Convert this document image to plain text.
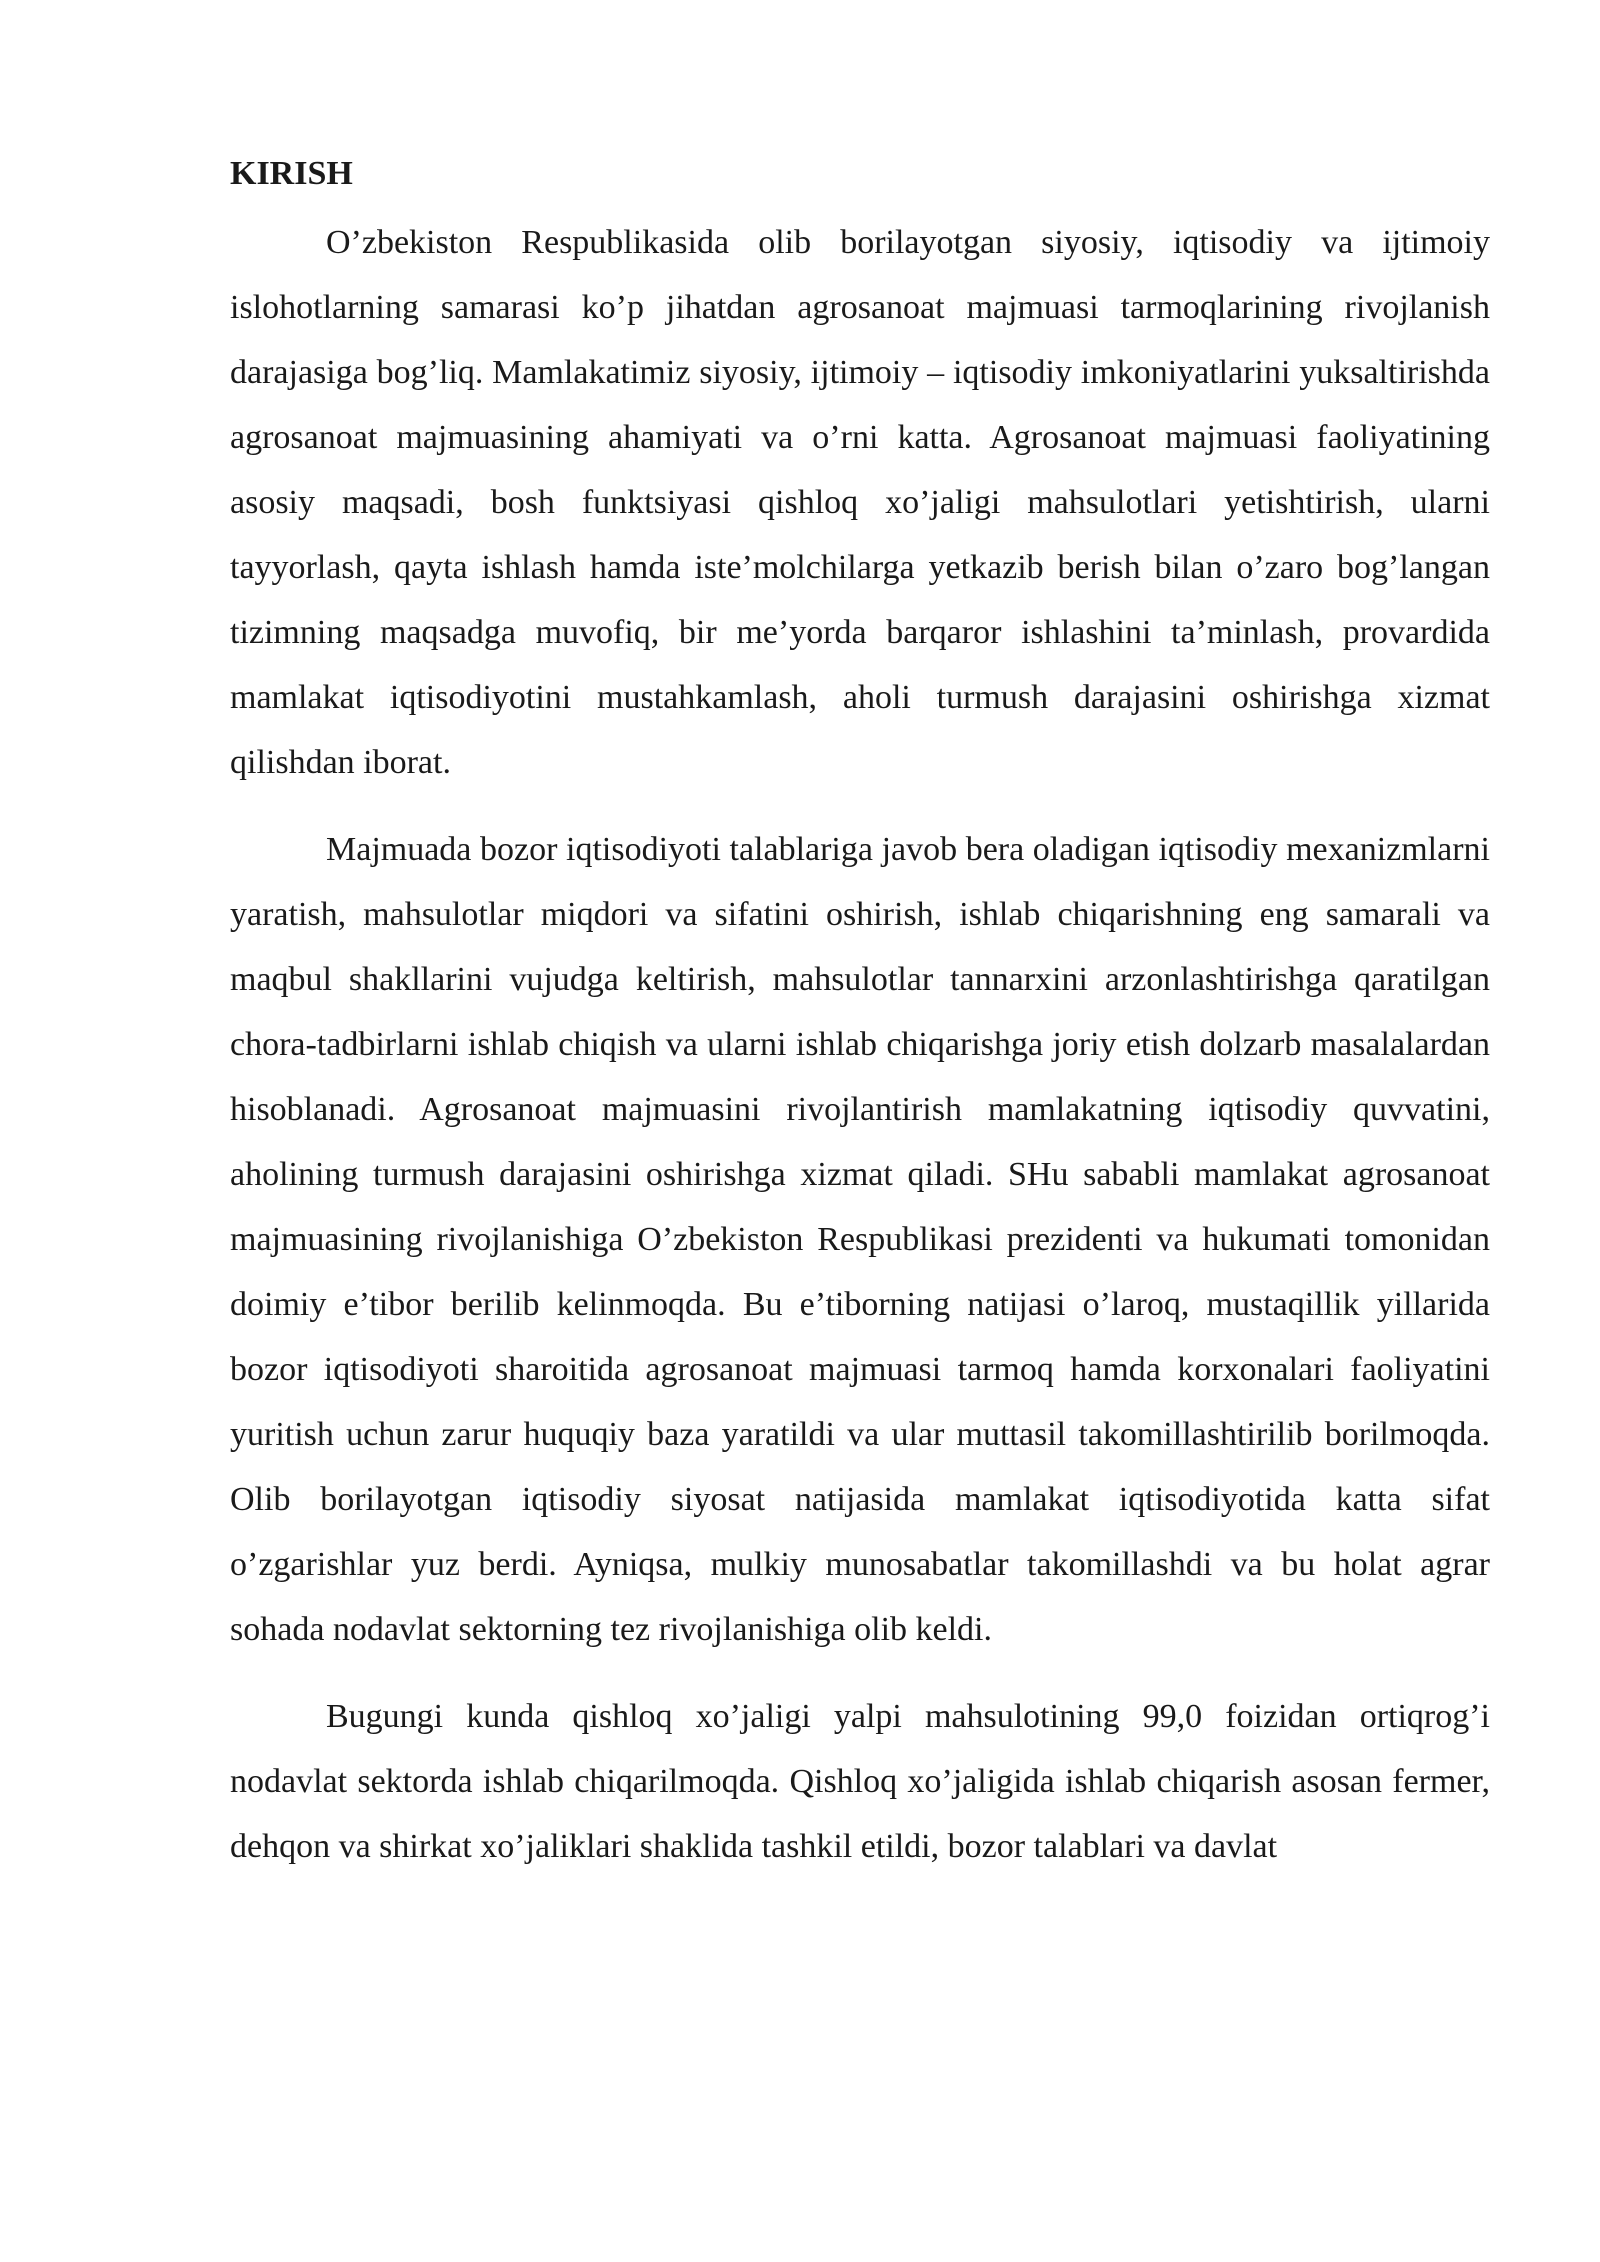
KIRISH

O’zbekiston Respublikasida olib borilayotgan siyosiy, iqtisodiy va ijtimoiy islohotlarning samarasi ko’p jihatdan agrosanoat majmuasi tarmoqlarining rivojlanish darajasiga bog’liq. Mamlakatimiz siyosiy, ijtimoiy – iqtisodiy imkoniyatlarini yuksaltirishda agrosanoat majmuasining ahamiyati va o’rni katta. Agrosanoat majmuasi faoliyatining asosiy maqsadi, bosh funktsiyasi qishloq xo’jaligi mahsulotlari yetishtirish, ularni tayyorlash, qayta ishlash hamda iste’molchilarga yetkazib berish bilan o’zaro bog’langan tizimning maqsadga muvofiq, bir me’yorda barqaror ishlashini ta’minlash, provardida mamlakat iqtisodiyotini mustahkamlash, aholi turmush darajasini oshirishga xizmat qilishdan iborat.

Majmuada bozor iqtisodiyoti talablariga javob bera oladigan iqtisodiy mexanizmlarni yaratish, mahsulotlar miqdori va sifatini oshirish, ishlab chiqarishning eng samarali va maqbul shakllarini vujudga keltirish, mahsulotlar tannarxini arzonlashtirishga qaratilgan chora-tadbirlarni ishlab chiqish va ularni ishlab chiqarishga joriy etish dolzarb masalalardan hisoblanadi. Agrosanoat majmuasini rivojlantirish mamlakatning iqtisodiy quvvatini, aholining turmush darajasini oshirishga xizmat qiladi. SHu sababli mamlakat agrosanoat majmuasining rivojlanishiga O’zbekiston Respublikasi prezidenti va hukumati tomonidan doimiy e’tibor berilib kelinmoqda. Bu e’tiborning natijasi o’laroq, mustaqillik yillarida bozor iqtisodiyoti sharoitida agrosanoat majmuasi tarmoq hamda korxonalari faoliyatini yuritish uchun zarur huquqiy baza yaratildi va ular muttasil takomillashtirilib borilmoqda. Olib borilayotgan iqtisodiy siyosat natijasida mamlakat iqtisodiyotida katta sifat o’zgarishlar yuz berdi. Ayniqsa, mulkiy munosabatlar takomillashdi va bu holat agrar sohada nodavlat sektorning tez rivojlanishiga olib keldi.

Bugungi kunda qishloq xo’jaligi yalpi mahsulotining 99,0 foizidan ortiqrog’i nodavlat sektorda ishlab chiqarilmoqda. Qishloq xo’jaligida ishlab chiqarish asosan fermer, dehqon va shirkat xo’jaliklari shaklida tashkil etildi, bozor talablari va davlat
